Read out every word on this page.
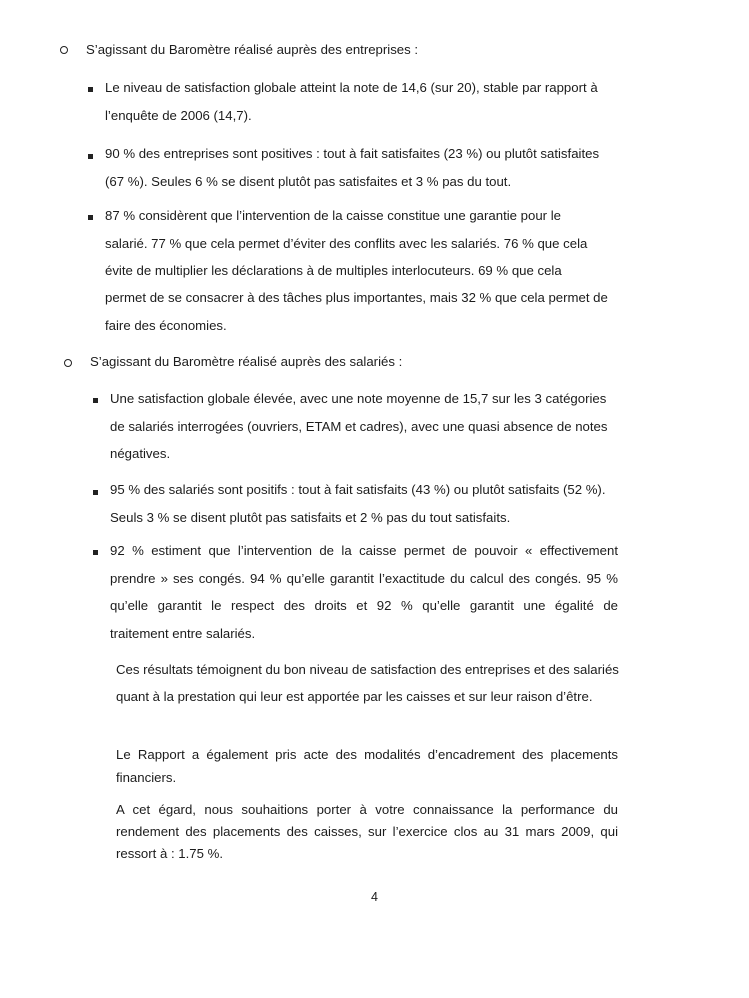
S’agissant du Baromètre réalisé auprès des entreprises :
Le niveau de satisfaction globale atteint la note de 14,6 (sur 20), stable par rapport à
l’enquête de 2006 (14,7).
90 % des entreprises sont positives : tout à fait satisfaites (23 %) ou plutôt satisfaites
(67 %). Seules 6 % se disent plutôt pas satisfaites et 3 % pas du tout.
87 % considèrent que l’intervention de la caisse constitue une garantie pour le
salarié. 77 % que cela permet d’éviter des conflits avec les salariés. 76 % que cela
évite de multiplier les déclarations à de multiples interlocuteurs. 69 % que cela
permet de se consacrer à des tâches plus importantes, mais 32 % que cela permet de
faire des économies.
S’agissant du Baromètre réalisé auprès des salariés :
Une satisfaction globale élevée, avec une note moyenne de 15,7 sur les 3 catégories
de salariés interrogées (ouvriers, ETAM et cadres), avec une quasi absence de notes
négatives.
95 % des salariés sont positifs : tout à fait satisfaits (43 %) ou plutôt satisfaits (52 %).
Seuls 3 % se disent plutôt pas satisfaits et 2 % pas du tout satisfaits.
92 % estiment que l’intervention de la caisse permet de pouvoir « effectivement
prendre » ses congés. 94 % qu’elle garantit l’exactitude du calcul des congés. 95 %
qu’elle garantit le respect des droits et 92 % qu’elle garantit une égalité de
traitement entre salariés.
Ces résultats témoignent du bon niveau de satisfaction des entreprises et des salariés
quant à la prestation qui leur est apportée par les caisses et sur leur raison d’être.
Le Rapport a également pris acte des modalités d’encadrement des placements
financiers.
A cet égard, nous souhaitions porter à votre connaissance la performance du
rendement des placements des caisses, sur l’exercice clos au 31 mars 2009, qui
ressort à : 1.75 %.
4
